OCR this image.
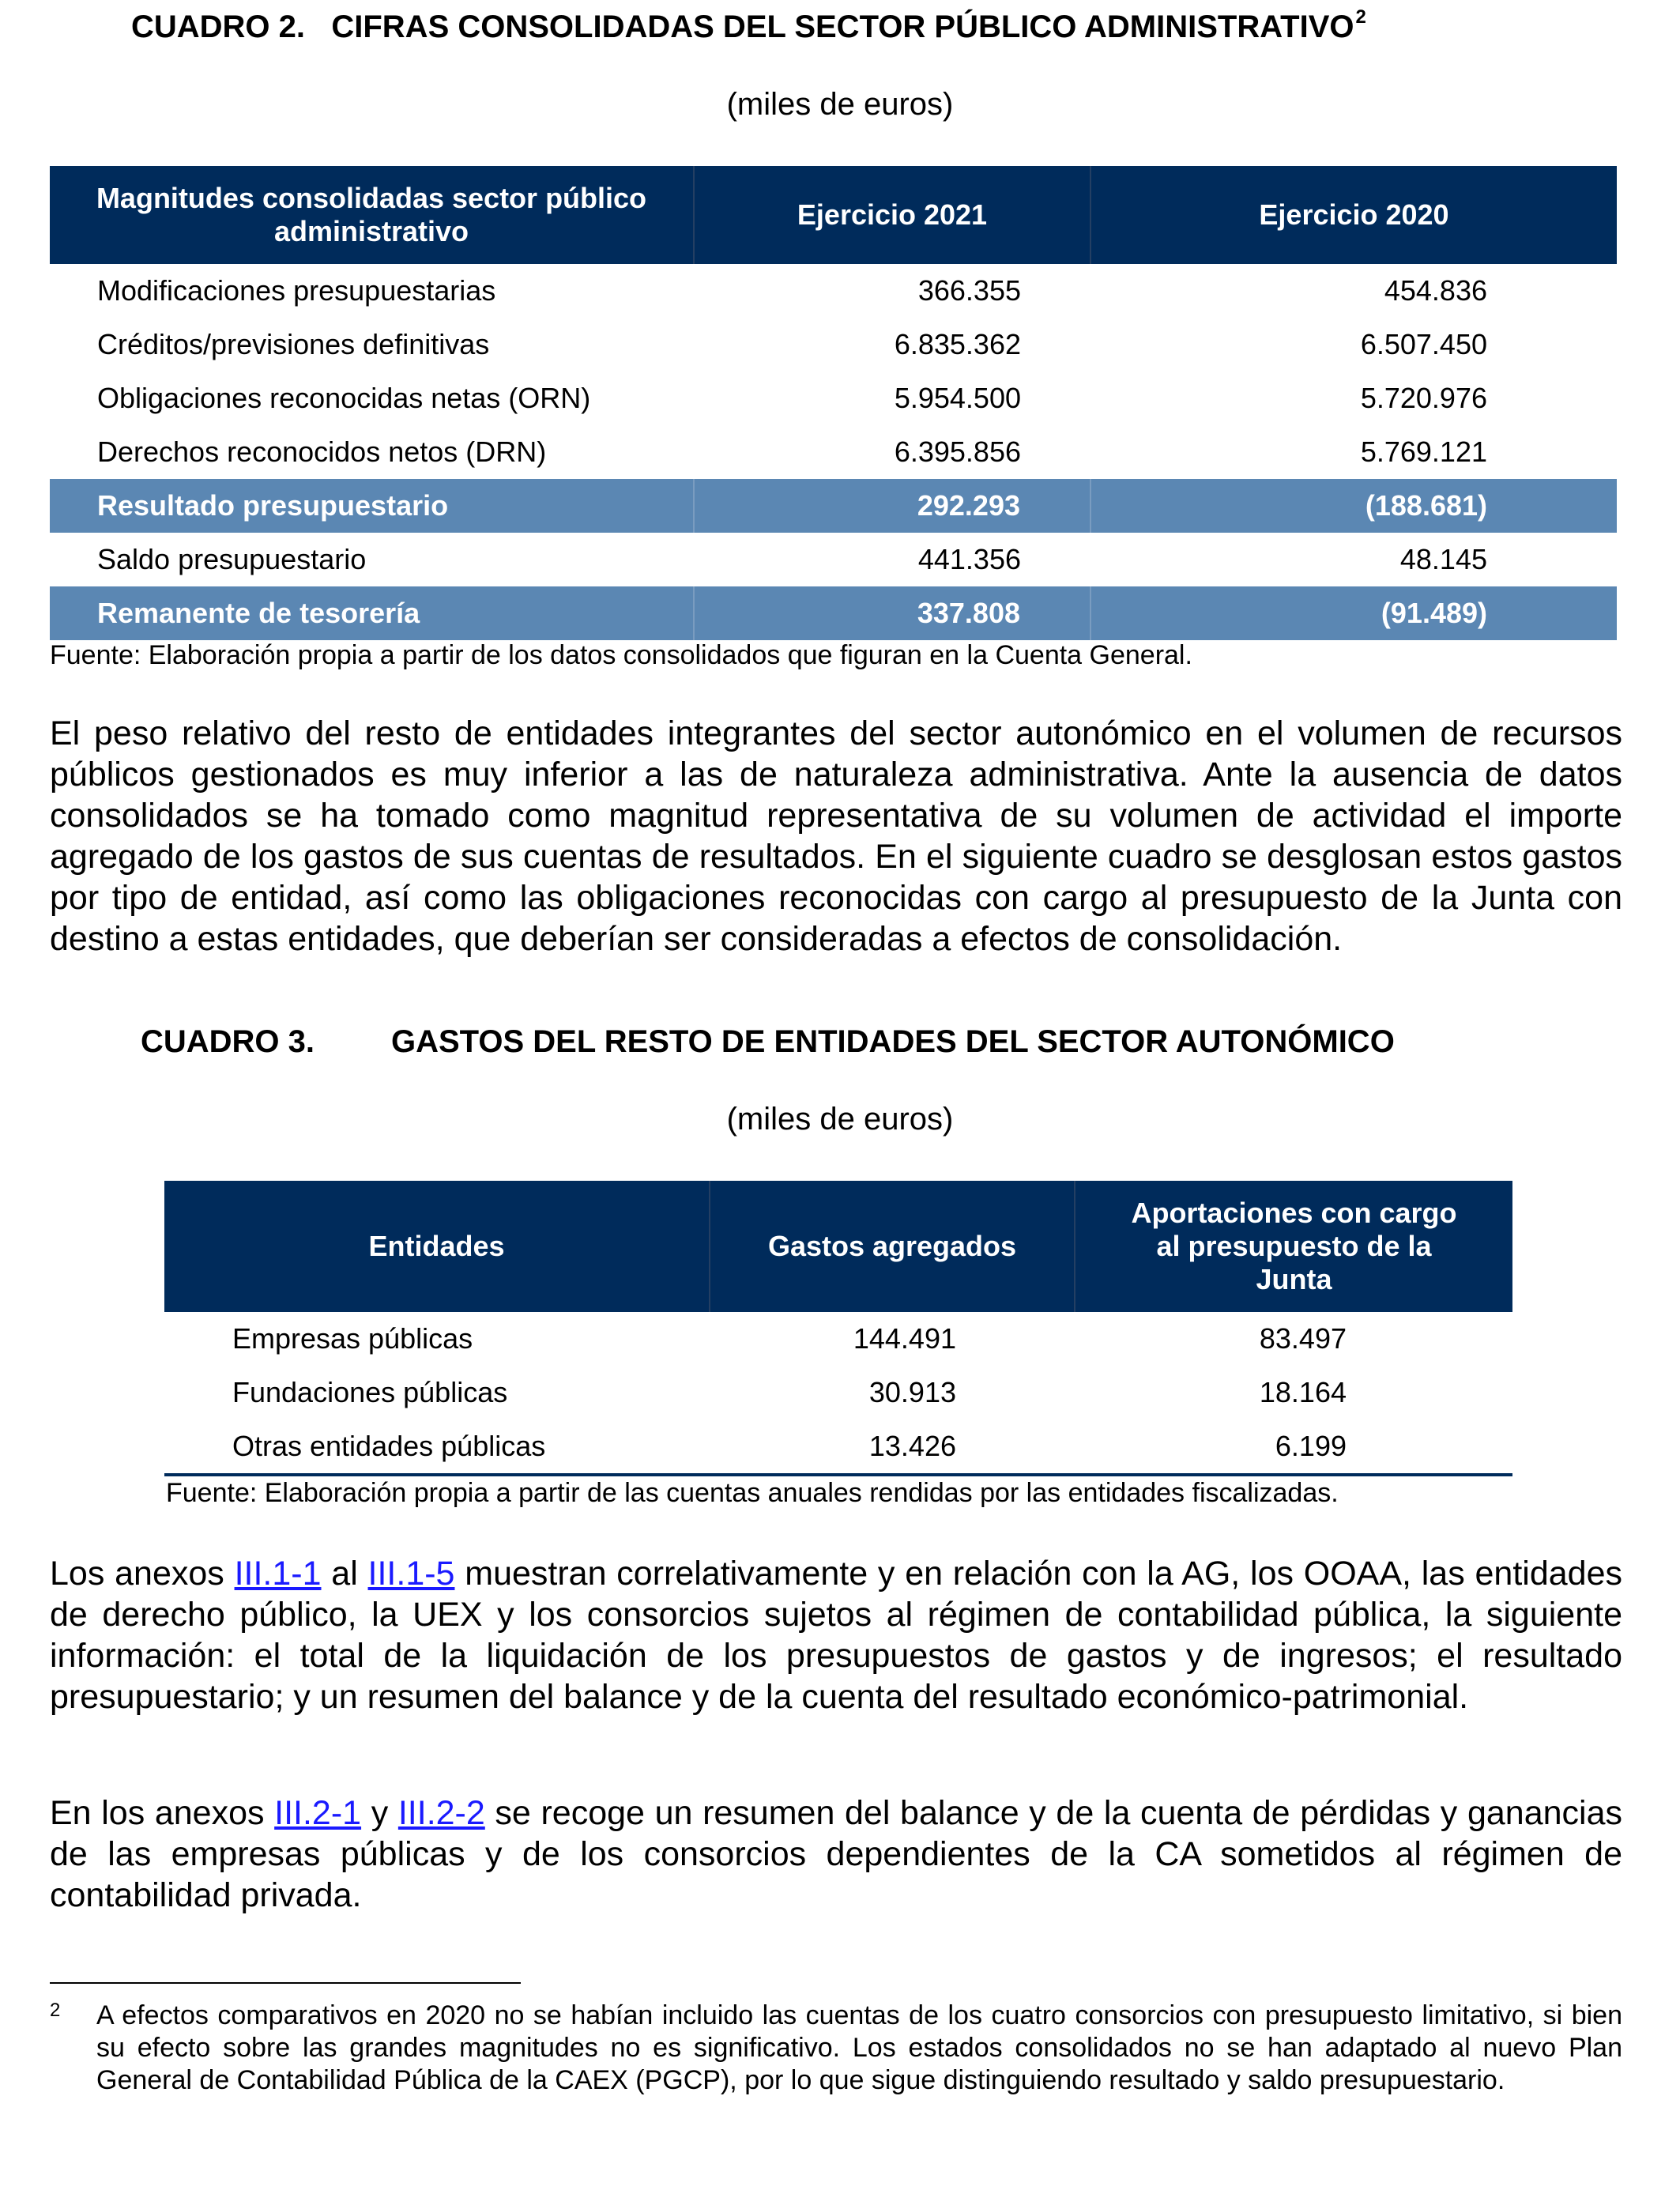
CUADRO 2.   CIFRAS CONSOLIDADAS DEL SECTOR PÚBLICO ADMINISTRATIVO$^2$
(miles de euros)
Magnitudes consolidadas sector público administrativo	Ejercicio 2021	Ejercicio 2020
Modificaciones presupuestarias	366.355	454.836
Créditos/previsiones definitivas	6.835.362	6.507.450
Obligaciones reconocidas netas (ORN)	5.954.500	5.720.976
Derechos reconocidos netos (DRN)	6.395.856	5.769.121
Resultado presupuestario	292.293	(188.681)
Saldo presupuestario	441.356	48.145
Remanente de tesorería	337.808	(91.489)
Fuente: Elaboración propia a partir de los datos consolidados que figuran en la Cuenta General.

El peso relativo del resto de entidades integrantes del sector autonómico en el volumen de recursos públicos gestionados es muy inferior a las de naturaleza administrativa. Ante la ausencia de datos consolidados se ha tomado como magnitud representativa de su volumen de actividad el importe agregado de los gastos de sus cuentas de resultados. En el siguiente cuadro se desglosan estos gastos por tipo de entidad, así como las obligaciones reconocidas con cargo al presupuesto de la Junta con destino a estas entidades, que deberían ser consideradas a efectos de consolidación.

CUADRO 3. GASTOS DEL RESTO DE ENTIDADES DEL SECTOR AUTONÓMICO
(miles de euros)
Entidades	Gastos agregados	Aportaciones con cargo al presupuesto de la Junta
Empresas públicas	144.491	83.497
Fundaciones públicas	30.913	18.164
Otras entidades públicas	13.426	6.199
Fuente: Elaboración propia a partir de las cuentas anuales rendidas por las entidades fiscalizadas.

Los anexos III.1-1 al III.1-5 muestran correlativamente y en relación con la AG, los OOAA, las entidades de derecho público, la UEX y los consorcios sujetos al régimen de contabilidad pública, la siguiente información: el total de la liquidación de los presupuestos de gastos y de ingresos; el resultado presupuestario; y un resumen del balance y de la cuenta del resultado económico-patrimonial.

En los anexos III.2-1 y III.2-2 se recoge un resumen del balance y de la cuenta de pérdidas y ganancias de las empresas públicas y de los consorcios dependientes de la CA sometidos al régimen de contabilidad privada.

2 A efectos comparativos en 2020 no se habían incluido las cuentas de los cuatro consorcios con presupuesto limitativo, si bien su efecto sobre las grandes magnitudes no es significativo. Los estados consolidados no se han adaptado al nuevo Plan General de Contabilidad Pública de la CAEX (PGCP), por lo que sigue distinguiendo resultado y saldo presupuestario.
